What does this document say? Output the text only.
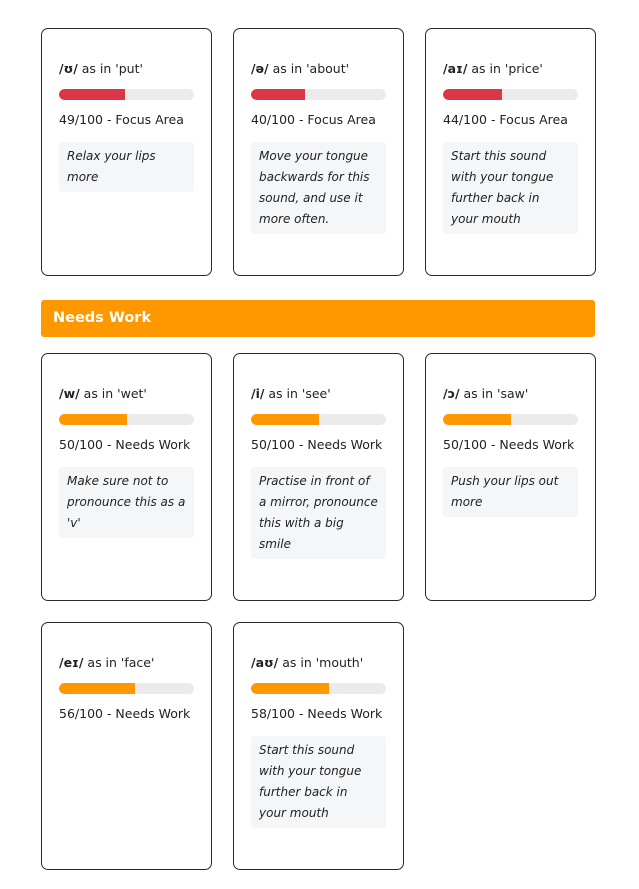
/ʊ/ as in 'put'
49/100 - Focus Area
Relax your lips more
/ə/ as in 'about'
40/100 - Focus Area
Move your tongue backwards for this sound, and use it more often.
/aɪ/ as in 'price'
44/100 - Focus Area
Start this sound with your tongue further back in your mouth
Needs Work
/w/ as in 'wet'
50/100 - Needs Work
Make sure not to pronounce this as a 'v'
/i/ as in 'see'
50/100 - Needs Work
Practise in front of a mirror, pronounce this with a big smile
/ɔ/ as in 'saw'
50/100 - Needs Work
Push your lips out more
/eɪ/ as in 'face'
56/100 - Needs Work
/aʊ/ as in 'mouth'
58/100 - Needs Work
Start this sound with your tongue further back in your mouth
